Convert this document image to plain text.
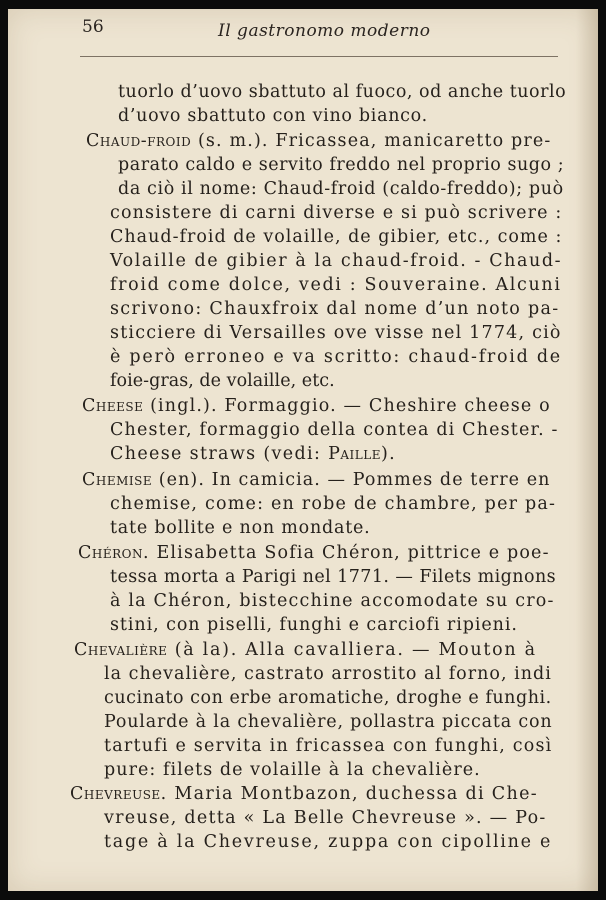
56	Il gastronomo moderno
tuorlo d’uovo sbattuto al fuoco, od anche tuorlo
d’uovo sbattuto con vino bianco.
Chaud-froid (s. m.). Fricassea, manicaretto pre-
parato caldo e servito freddo nel proprio sugo ;
da ciò il nome: Chaud-froid (caldo-freddo); può
consistere di carni diverse e si può scrivere :
Chaud-froid de volaille, de gibier, etc., come :
Volaille de gibier à la chaud-froid. - Chaud-
froid come dolce, vedi : Souveraine. Alcuni
scrivono: Chauxfroix dal nome d’un noto pa-
sticciere di Versailles ove visse nel 1774, ciò
è però erroneo e va scritto: chaud-froid de
foie-gras, de volaille, etc.
Cheese (ingl.). Formaggio. — Cheshire cheese o
Chester, formaggio della contea di Chester. -
Cheese straws (vedi: Paille).
Chemise (en). In camicia. — Pommes de terre en
chemise, come: en robe de chambre, per pa-
tate bollite e non mondate.
Chéron. Elisabetta Sofia Chéron, pittrice e poe-
tessa morta a Parigi nel 1771. — Filets mignons
à la Chéron, bistecchine accomodate su cro-
stini, con piselli, funghi e carciofi ripieni.
Chevalière (à la). Alla cavalliera. — Mouton à
la chevalière, castrato arrostito al forno, indi
cucinato con erbe aromatiche, droghe e funghi.
Poularde à la chevalière, pollastra piccata con
tartufi e servita in fricassea con funghi, così
pure: filets de volaille à la chevalière.
Chevreuse. Maria Montbazon, duchessa di Che-
vreuse, detta « La Belle Chevreuse ». — Po-
tage à la Chevreuse, zuppa con cipolline e
